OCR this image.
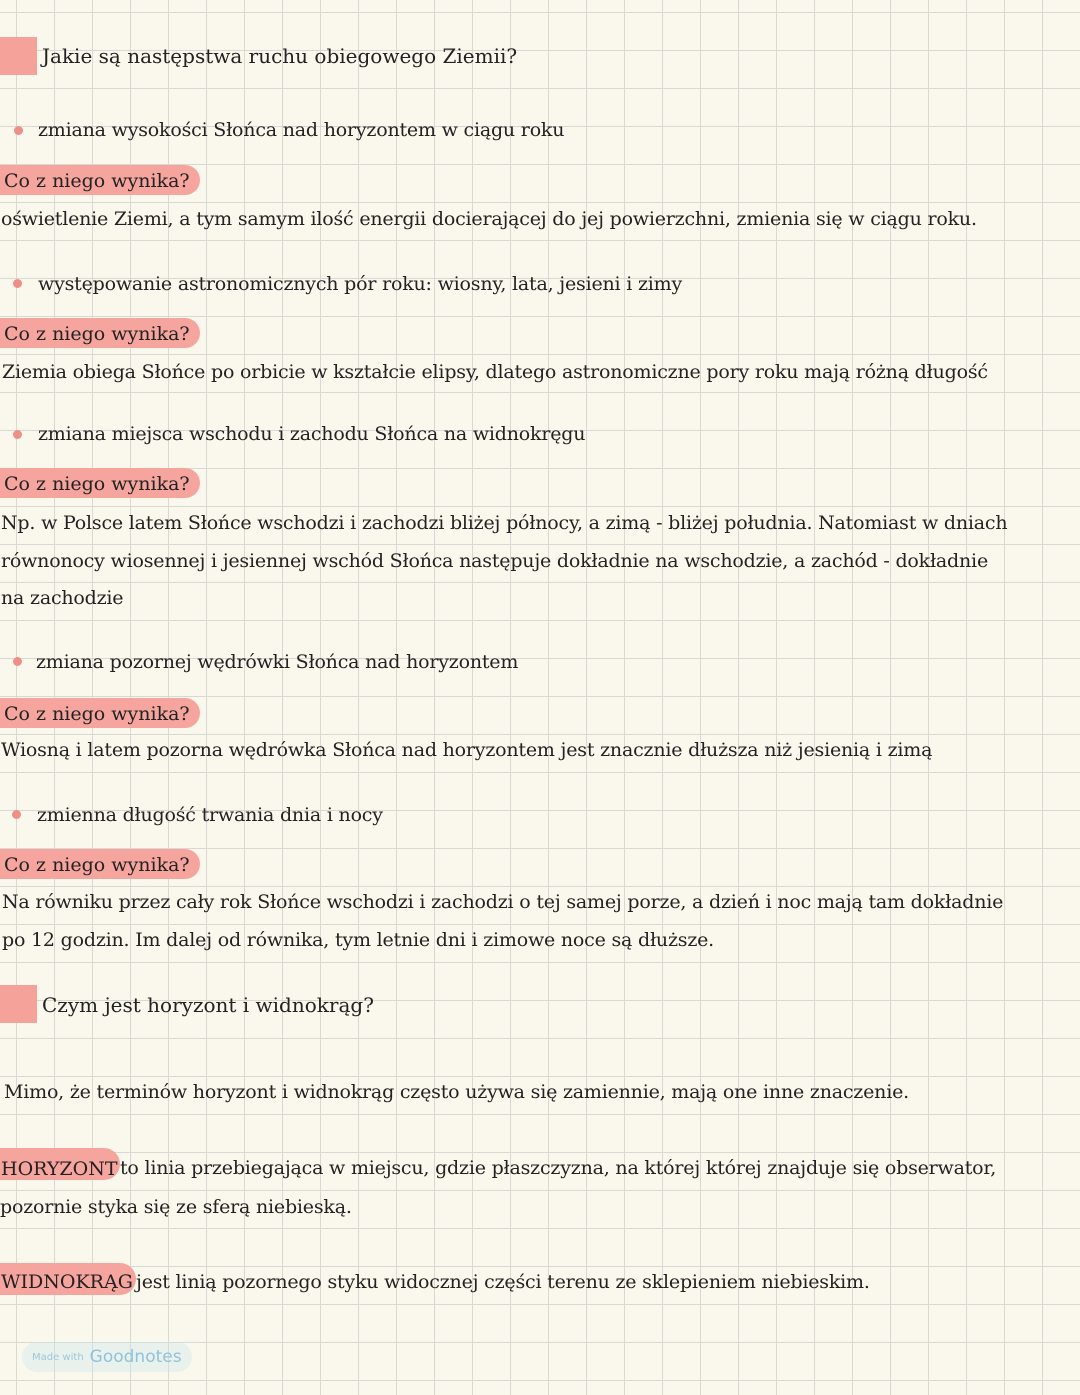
Jakie są następstwa ruchu obiegowego Ziemii?
zmiana wysokości Słońca nad horyzontem w ciągu roku
Co z niego wynika?
oświetlenie Ziemi, a tym samym ilość energii docierającej do jej powierzchni, zmienia się w ciągu roku.
występowanie astronomicznych pór roku: wiosny, lata, jesieni i zimy
Co z niego wynika?
Ziemia obiega Słońce po orbicie w kształcie elipsy, dlatego astronomiczne pory roku mają różną długość
zmiana miejsca wschodu i zachodu Słońca na widnokręgu
Co z niego wynika?
Np. w Polsce latem Słońce wschodzi i zachodzi bliżej północy, a zimą - bliżej południa. Natomiast w dniach
równonocy wiosennej i jesiennej wschód Słońca następuje dokładnie na wschodzie, a zachód - dokładnie
na zachodzie
zmiana pozornej wędrówki Słońca nad horyzontem
Co z niego wynika?
Wiosną i latem pozorna wędrówka Słońca nad horyzontem jest znacznie dłuższa niż jesienią i zimą
zmienna długość trwania dnia i nocy
Co z niego wynika?
Na równiku przez cały rok Słońce wschodzi i zachodzi o tej samej porze, a dzień i noc mają tam dokładnie
po 12 godzin. Im dalej od równika, tym letnie dni i zimowe noce są dłuższe.
Czym jest horyzont i widnokrąg?
Mimo, że terminów horyzont i widnokrąg często używa się zamiennie, mają one inne znaczenie.
HORYZONT to linia przebiegająca w miejscu, gdzie płaszczyzna, na której której znajduje się obserwator,
pozornie styka się ze sferą niebieską.
WIDNOKRĄG jest linią pozornego styku widocznej części terenu ze sklepieniem niebieskim.
Made with Goodnotes
